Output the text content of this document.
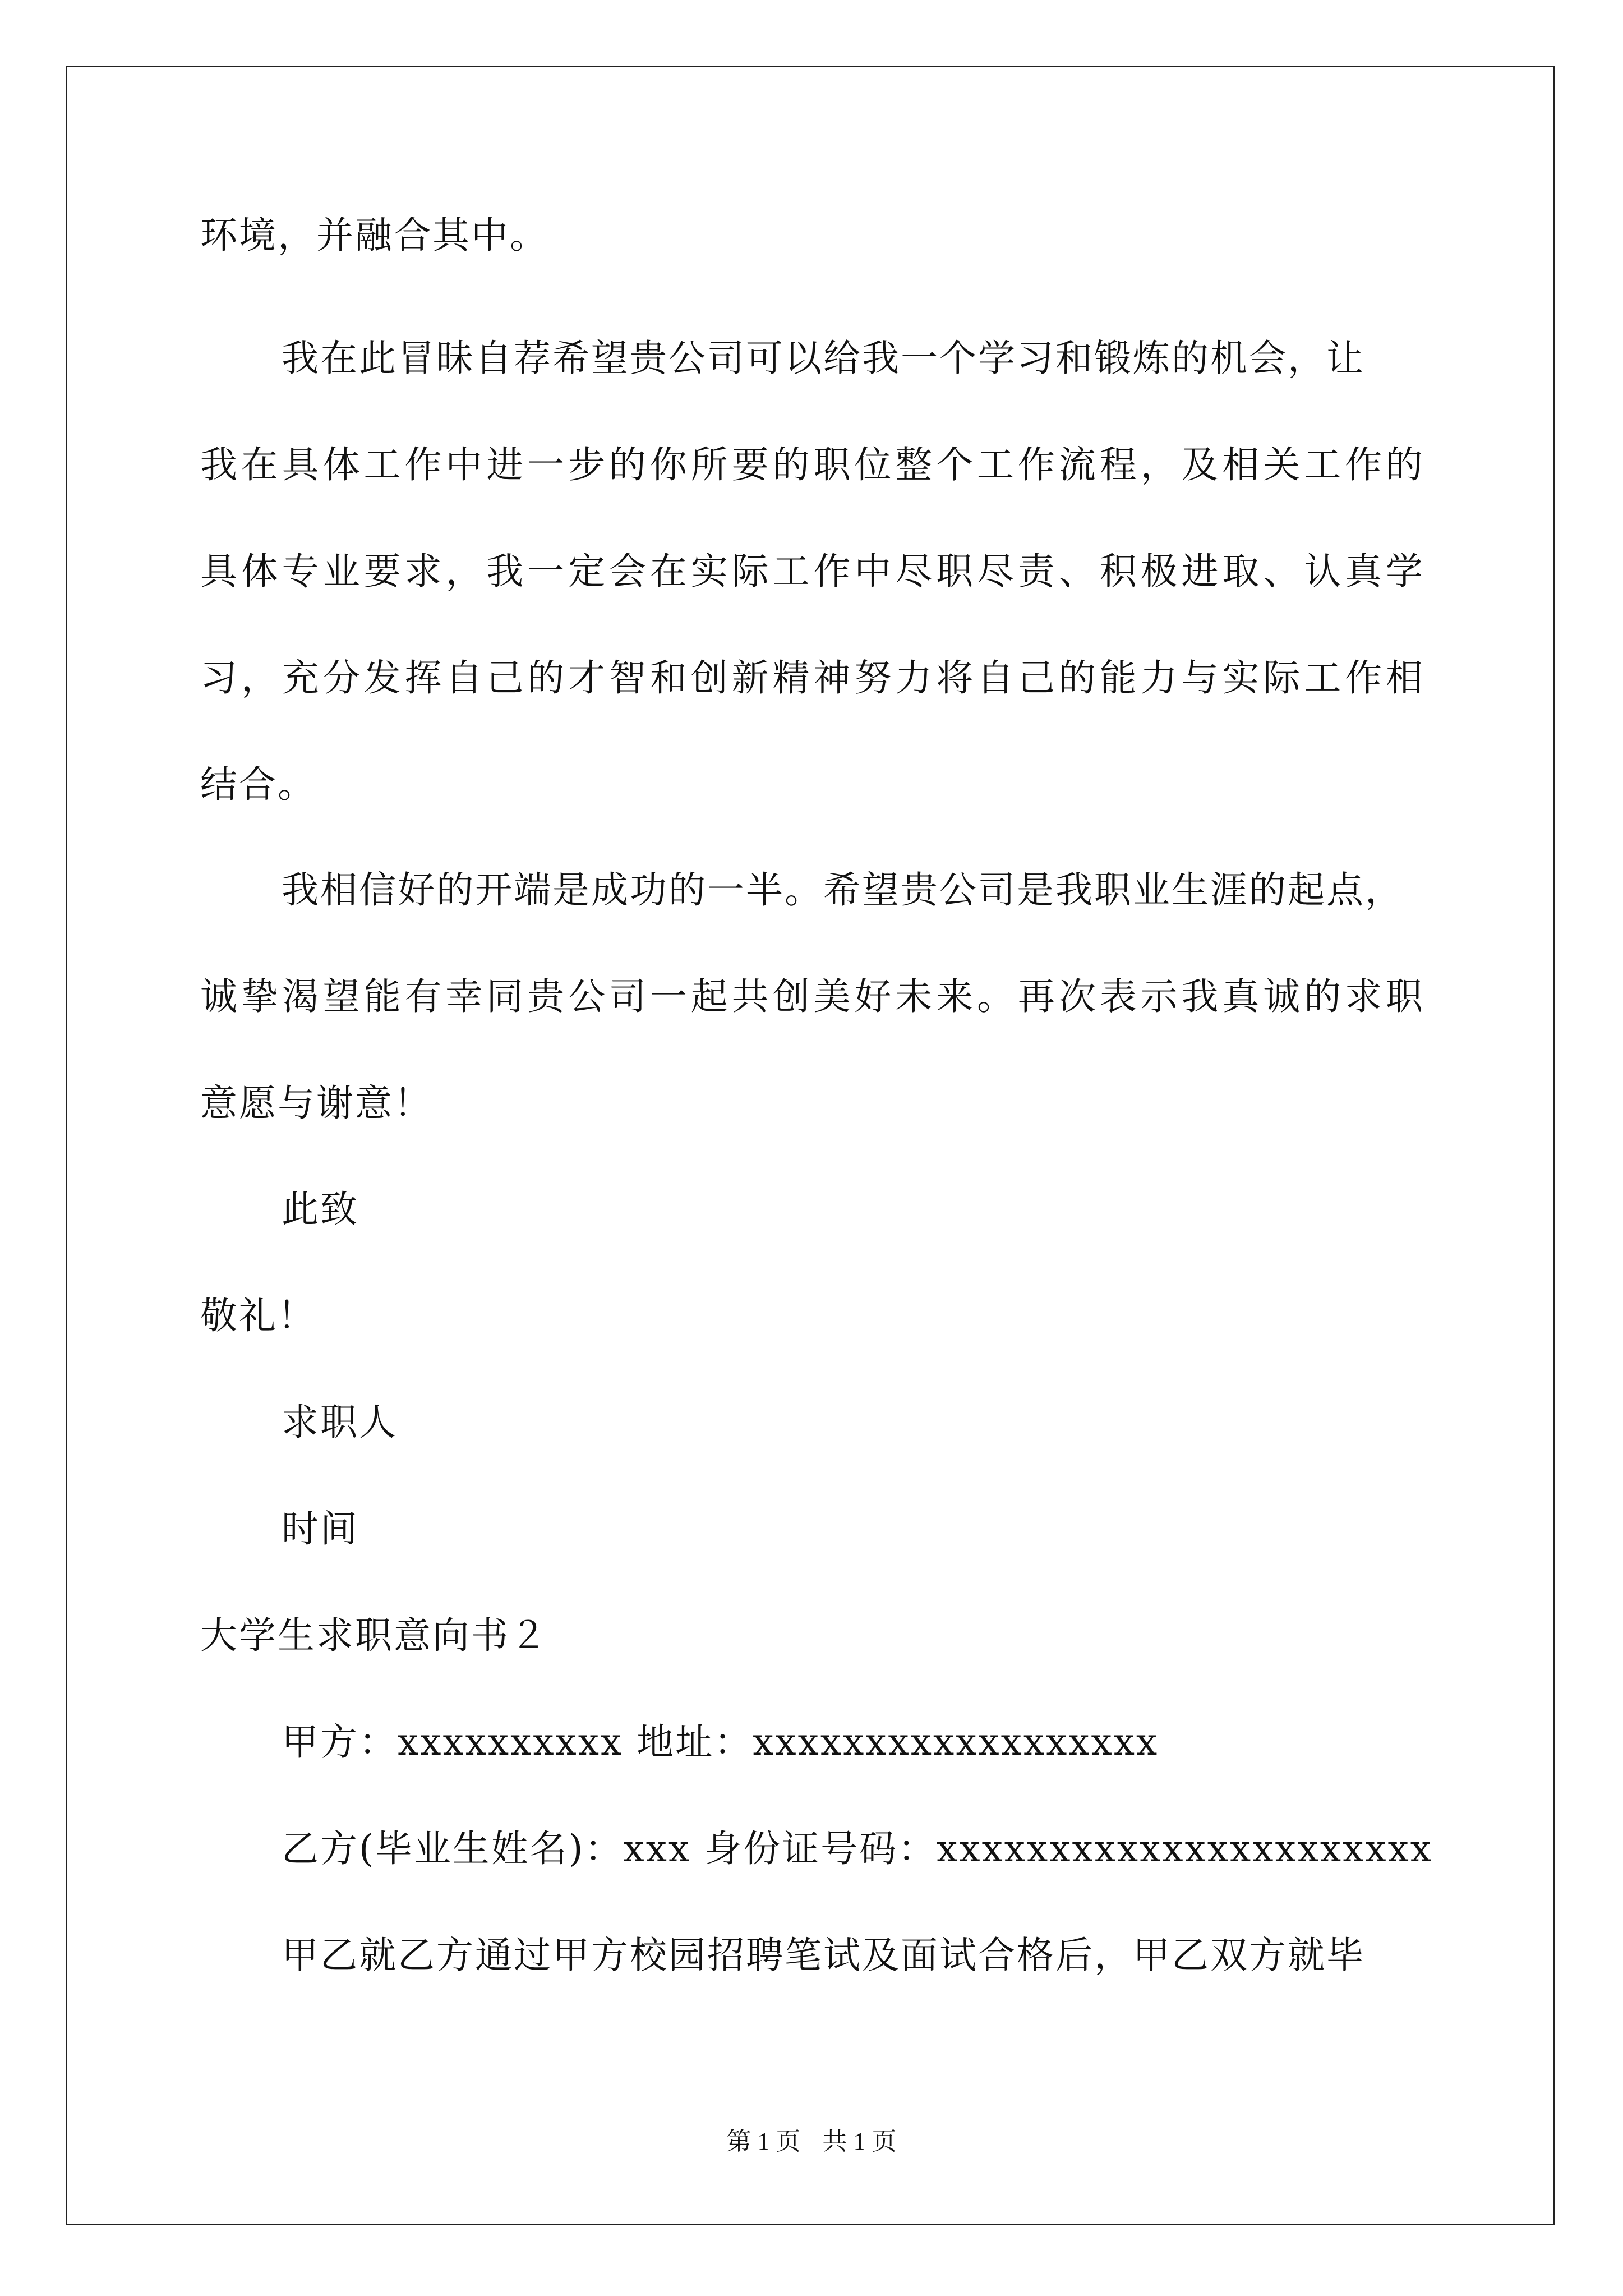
环境，并融合其中。
我在此冒昧自荐希望贵公司可以给我一个学习和锻炼的机会，让
我在具体工作中进一步的你所要的职位整个工作流程，及相关工作的
具体专业要求，我一定会在实际工作中尽职尽责、积极进取、认真学
习，充分发挥自己的才智和创新精神努力将自己的能力与实际工作相
结合。
我相信好的开端是成功的一半。希望贵公司是我职业生涯的起点，
诚挚渴望能有幸同贵公司一起共创美好未来。再次表示我真诚的求职
意愿与谢意！
此致
敬礼！
求职人
时间
大学生求职意向书２
甲方：xxxxxxxxxx 地址：xxxxxxxxxxxxxxxxxx
乙方(毕业生姓名)：xxx 身份证号码：xxxxxxxxxxxxxxxxxxxxxx
甲乙就乙方通过甲方校园招聘笔试及面试合格后，甲乙双方就毕
第 1 页 共 1 页
